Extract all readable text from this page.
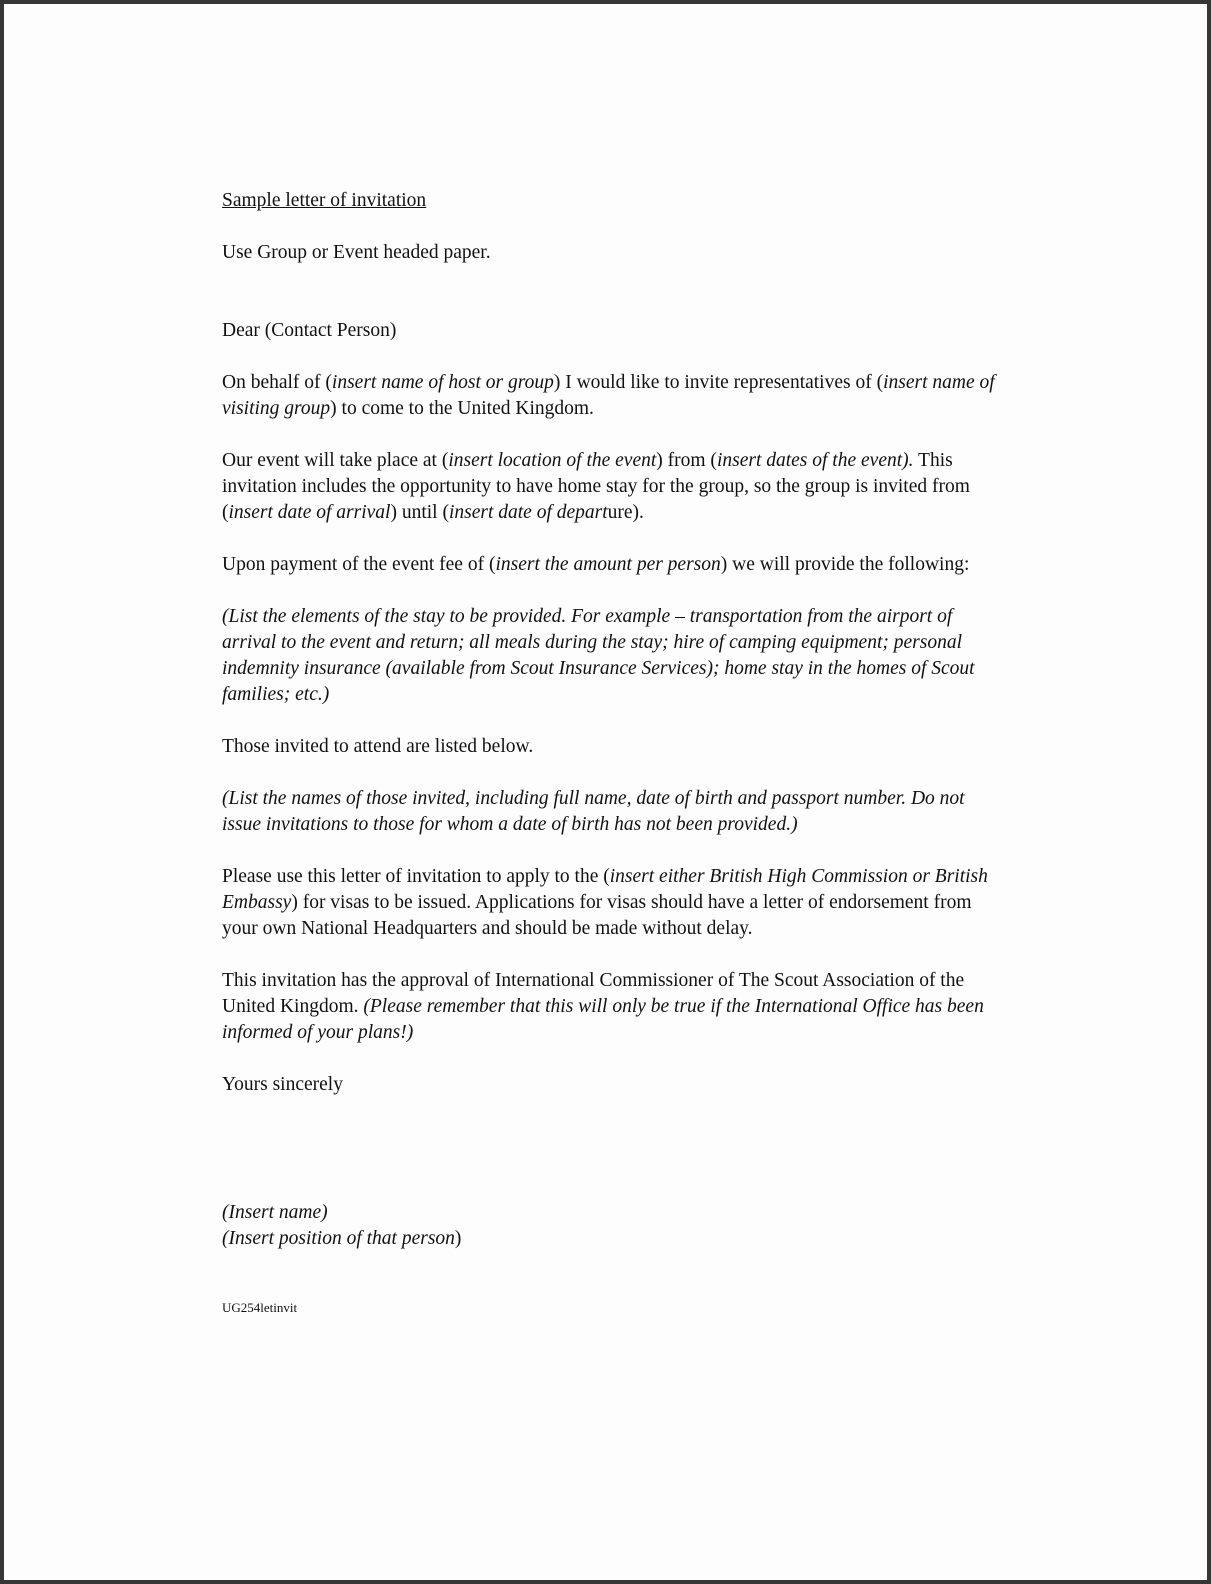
Sample letter of invitation
Use Group or Event headed paper.
Dear (Contact Person)

On behalf of (insert name of host or group) I would like to invite representatives of (insert name of visiting group) to come to the United Kingdom.

Our event will take place at (insert location of the event) from (insert dates of the event). This invitation includes the opportunity to have home stay for the group, so the group is invited from (insert date of arrival) until (insert date of departure).

Upon payment of the event fee of (insert the amount per person) we will provide the following:

(List the elements of the stay to be provided. For example – transportation from the airport of arrival to the event and return; all meals during the stay; hire of camping equipment; personal indemnity insurance (available from Scout Insurance Services); home stay in the homes of Scout families; etc.)

Those invited to attend are listed below.

(List the names of those invited, including full name, date of birth and passport number. Do not issue invitations to those for whom a date of birth has not been provided.)

Please use this letter of invitation to apply to the (insert either British High Commission or British Embassy) for visas to be issued. Applications for visas should have a letter of endorsement from your own National Headquarters and should be made without delay.

This invitation has the approval of International Commissioner of The Scout Association of the United Kingdom. (Please remember that this will only be true if the International Office has been informed of your plans!)

Yours sincerely

(Insert name)

(Insert position of that person)

UG254letinvit
